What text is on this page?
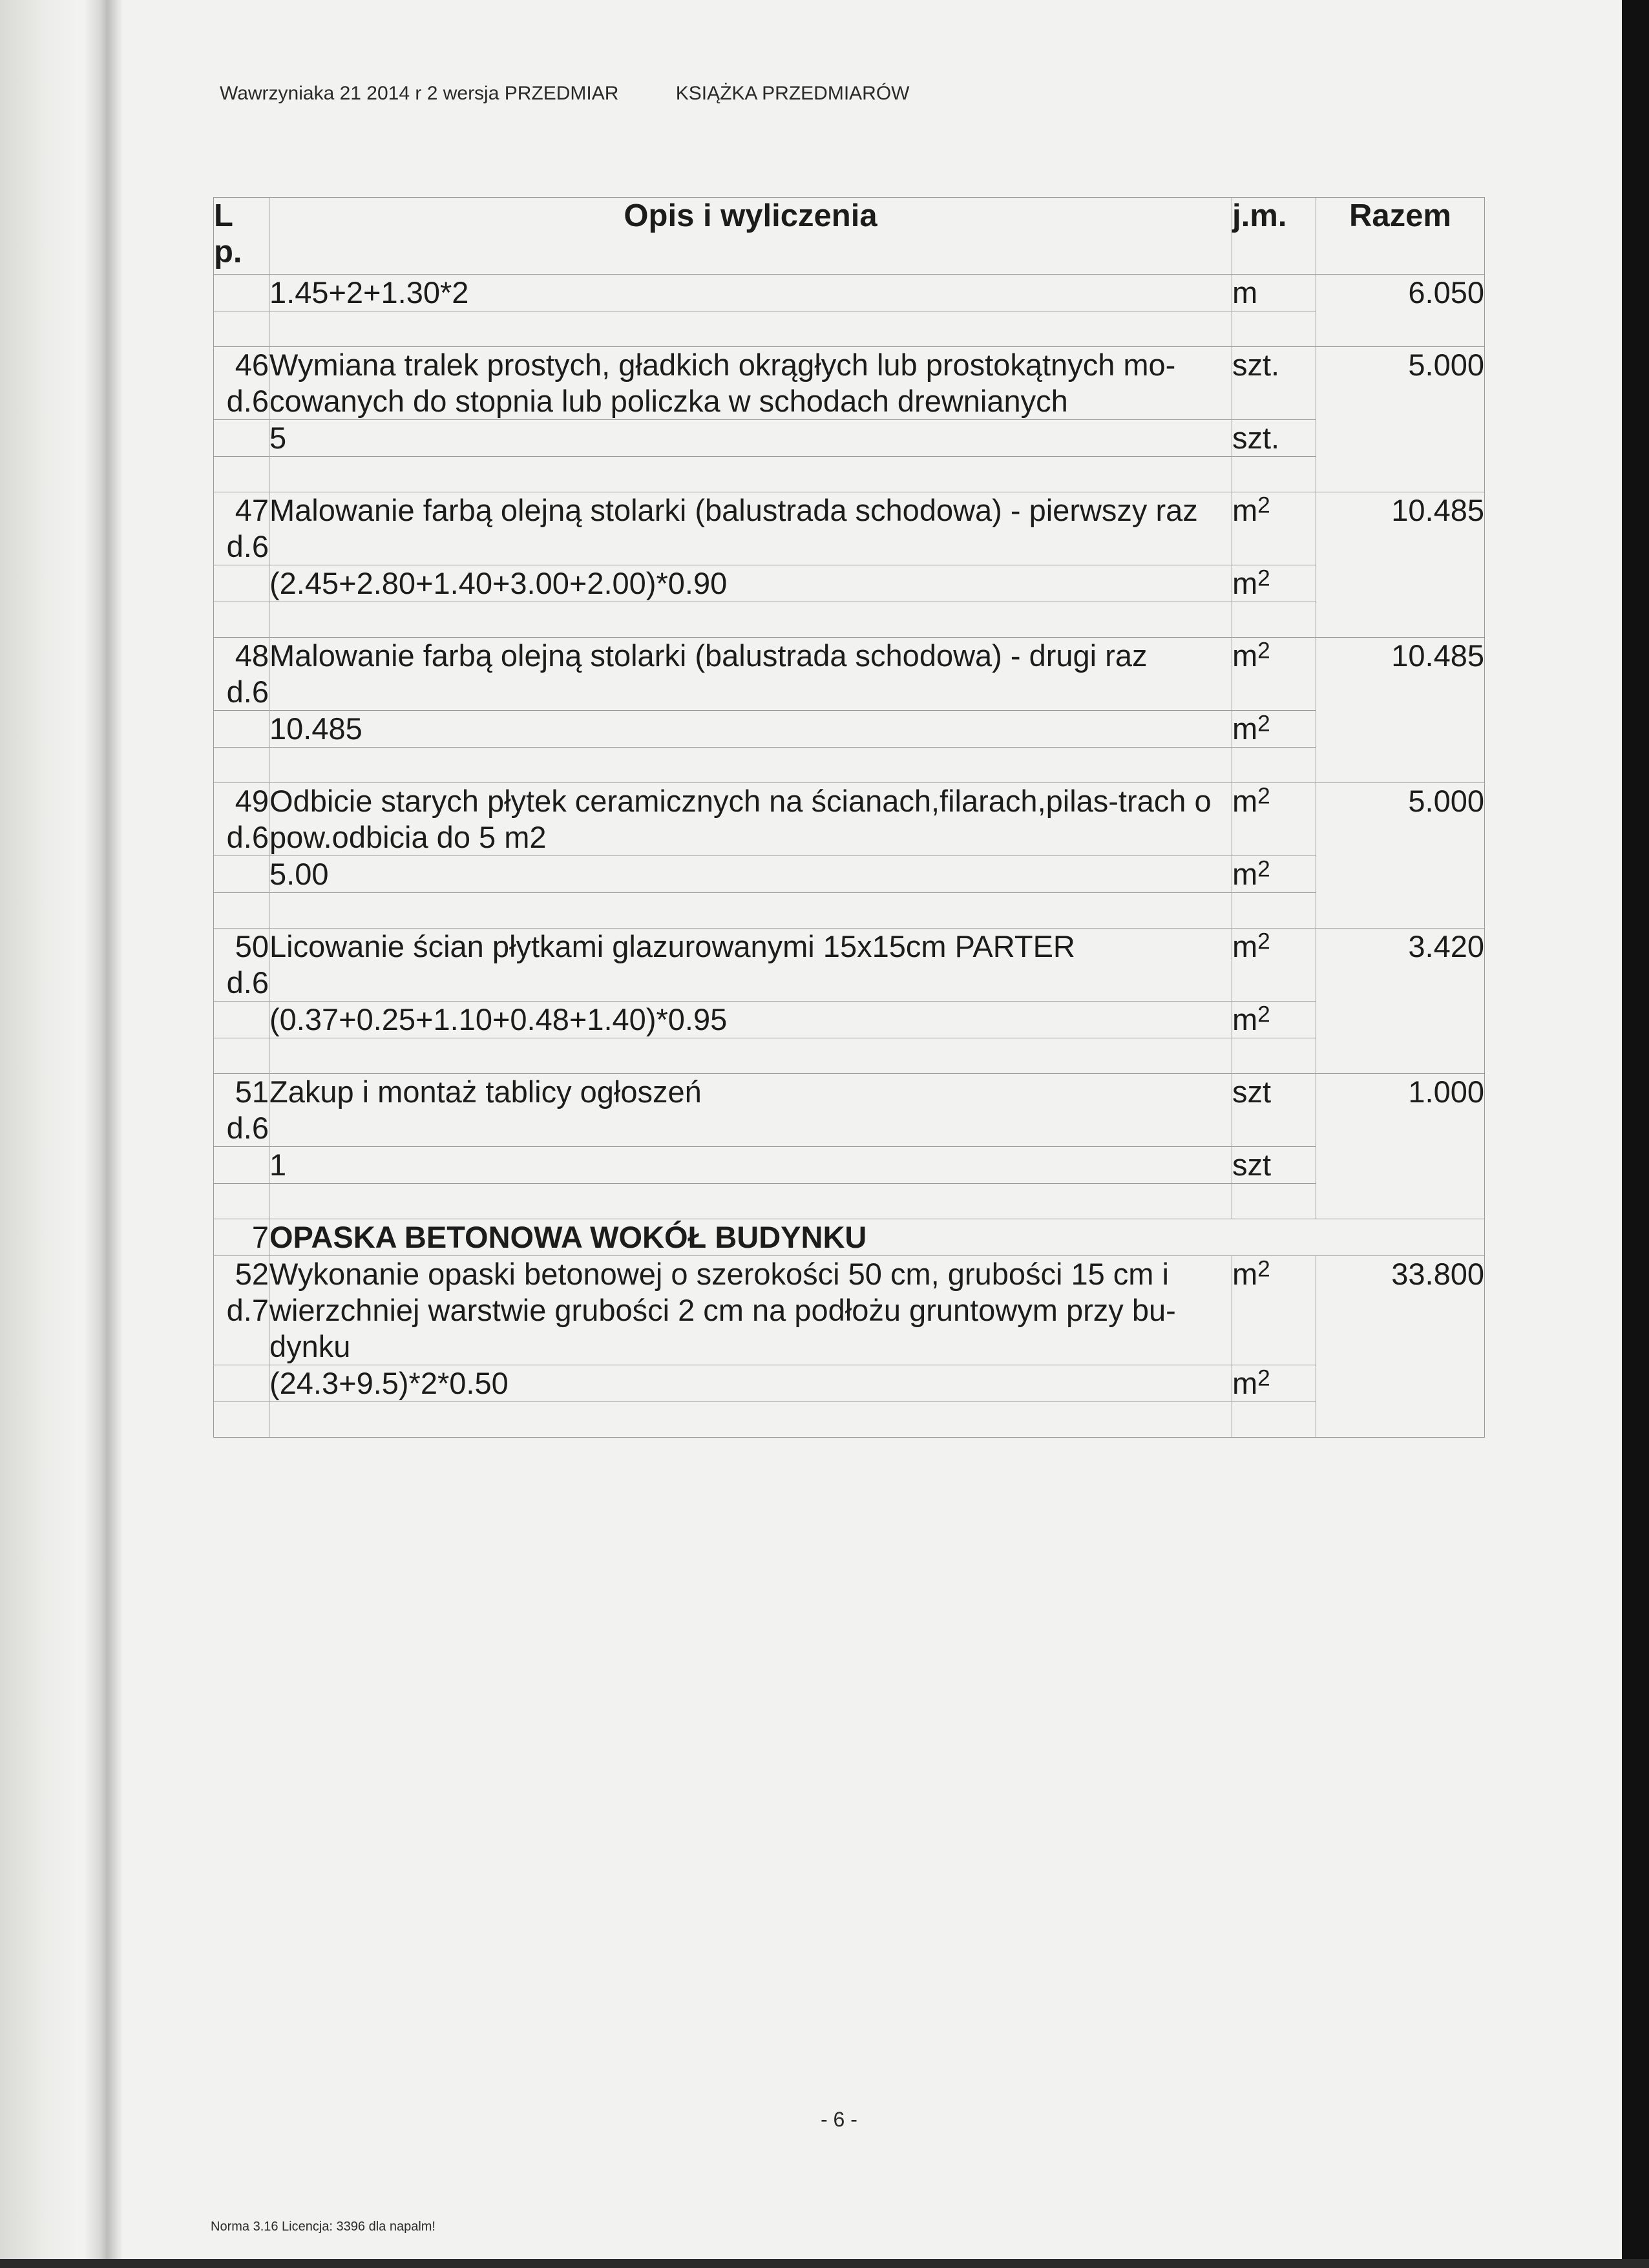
Wawrzyniaka 21 2014 r 2 wersja PRZEDMIAR	KSIĄŻKA PRZEDMIARÓW
L
p.	Opis i wyliczenia	j.m.	Razem
	1.45+2+1.30*2	m	6.050

46
d.6	Wymiana tralek prostych, gładkich okrągłych lub prostokątnych mo-cowanych do stopnia lub policzka w schodach drewnianych	szt.	5.000
	5	szt.	

47
d.6	Malowanie farbą olejną stolarki (balustrada schodowa) - pierwszy raz	$m^2$	10.485
	(2.45+2.80+1.40+3.00+2.00)*0.90	$m^2$

48
d.6	Malowanie farbą olejną stolarki (balustrada schodowa) - drugi raz	$m^2$	10.485
	10.485	$m^2$

49
d.6	Odbicie starych płytek ceramicznych na ścianach,filarach,pilas-trach o pow.odbicia do 5 m2	$m^2$	5.000
	5.00	$m^2$

50
d.6	Licowanie ścian płytkami glazurowanymi 15x15cm PARTER	$m^2$	3.420
	(0.37+0.25+1.10+0.48+1.40)*0.95	$m^2$

51
d.6	Zakup i montaż tablicy ogłoszeń	szt	1.000
	1	szt	

7	OPASKA BETONOWA WOKÓŁ BUDYNKU		
52
d.7	Wykonanie opaski betonowej o szerokości 50 cm, grubości 15 cm i wierzchniej warstwie grubości 2 cm na podłożu gruntowym przy bu-dynku	$m^2$	33.800
	(24.3+9.5)*2*0.50	$m^2$

- 6 -
Norma 3.16 Licencja: 3396 dla napalm!
